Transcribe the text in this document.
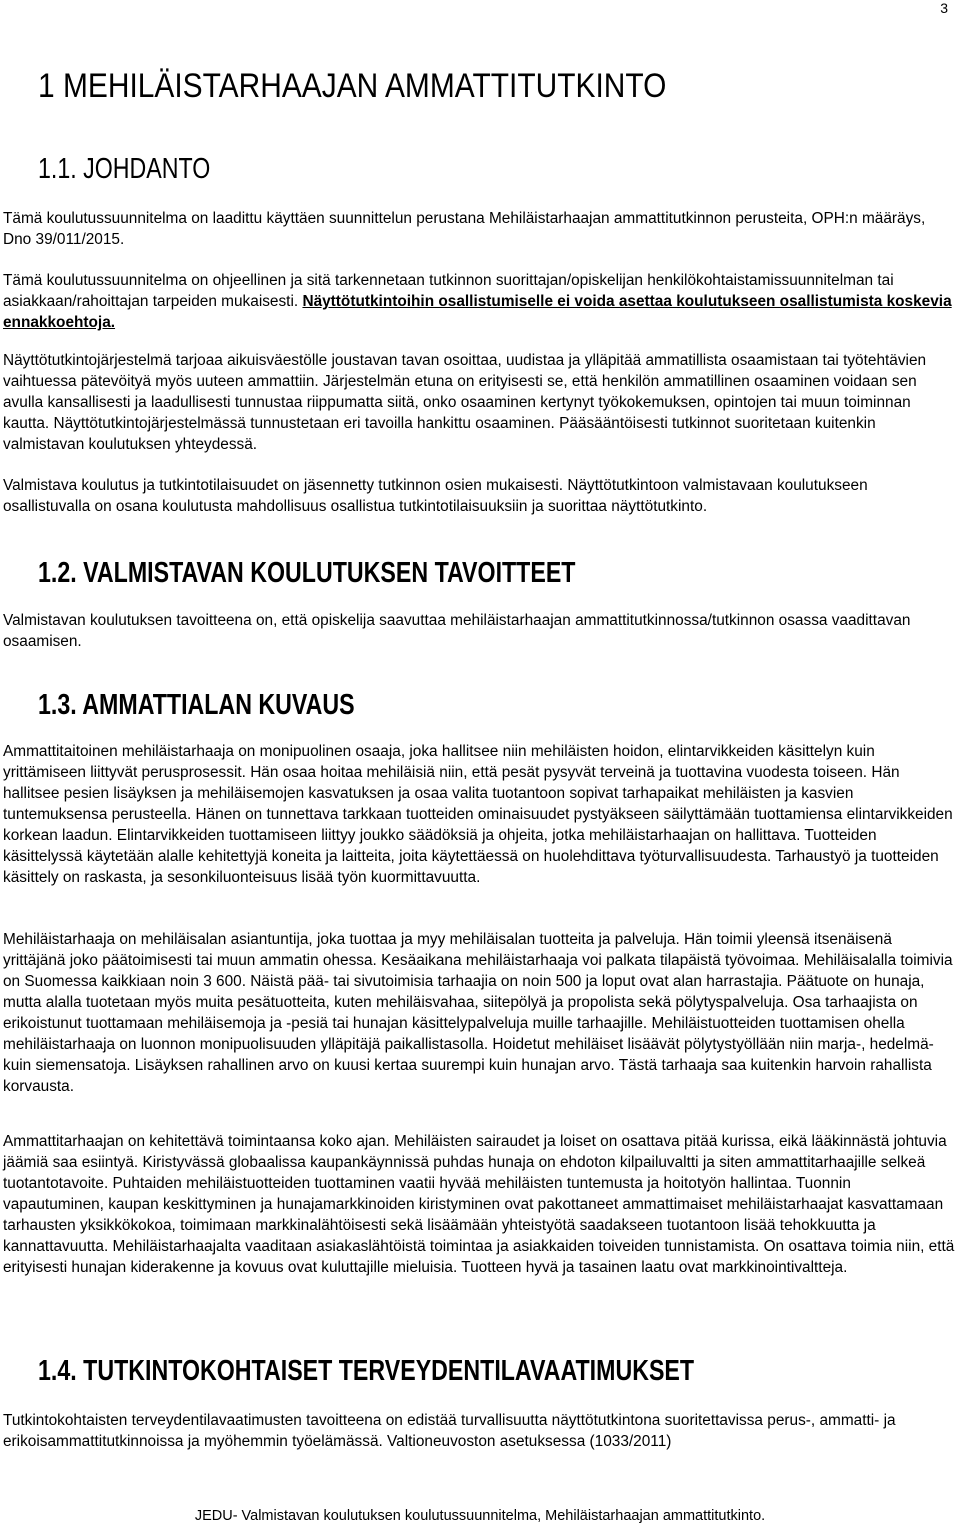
3
1 MEHILÄISTARHAAJAN AMMATTITUTKINTO
1.1. JOHDANTO

Tämä koulutussuunnitelma on laadittu käyttäen suunnittelun perustana Mehiläistarhaajan ammattitutkinnon perusteita, OPH:n määräys, Dno 39/011/2015.

Tämä koulutussuunnitelma on ohjeellinen ja sitä tarkennetaan tutkinnon suorittajan/opiskelijan henkilökohtaistamissuunnitelman tai asiakkaan/rahoittajan tarpeiden mukaisesti. Näyttötutkintoihin osallistumiselle ei voida asettaa koulutukseen osallistumista koskevia ennakkoehtoja.

Näyttötutkintojärjestelmä tarjoaa aikuisväestölle joustavan tavan osoittaa, uudistaa ja ylläpitää ammatillista osaamistaan tai työtehtävien vaihtuessa pätevöityä myös uuteen ammattiin. Järjestelmän etuna on erityisesti se, että henkilön ammatillinen osaaminen voidaan sen avulla kansallisesti ja laadullisesti tunnustaa riippumatta siitä, onko osaaminen kertynyt työkokemuksen, opintojen tai muun toiminnan kautta. Näyttötutkintojärjestelmässä tunnustetaan eri tavoilla hankittu osaaminen. Pääsääntöisesti tutkinnot suoritetaan kuitenkin valmistavan koulutuksen yhteydessä.

Valmistava koulutus ja tutkintotilaisuudet on jäsennetty tutkinnon osien mukaisesti. Näyttötutkintoon valmistavaan koulutukseen osallistuvalla on osana koulutusta mahdollisuus osallistua tutkintotilaisuuksiin ja suorittaa näyttötutkinto.

1.2. VALMISTAVAN KOULUTUKSEN TAVOITTEET

Valmistavan koulutuksen tavoitteena on, että opiskelija saavuttaa mehiläistarhaajan ammattitutkinnossa/tutkinnon osassa vaadittavan osaamisen.

1.3. AMMATTIALAN KUVAUS

Ammattitaitoinen mehiläistarhaaja on monipuolinen osaaja, joka hallitsee niin mehiläisten hoidon, elintarvikkeiden käsittelyn kuin yrittämiseen liittyvät perusprosessit. Hän osaa hoitaa mehiläisiä niin, että pesät pysyvät terveinä ja tuottavina vuodesta toiseen. Hän hallitsee pesien lisäyksen ja mehiläisemojen kasvatuksen ja osaa valita tuotantoon sopivat tarhapaikat mehiläisten ja kasvien tuntemuksensa perusteella. Hänen on tunnettava tarkkaan tuotteiden ominaisuudet pystyäkseen säilyttämään tuottamiensa elintarvikkeiden korkean laadun. Elintarvikkeiden tuottamiseen liittyy joukko säädöksiä ja ohjeita, jotka mehiläistarhaajan on hallittava. Tuotteiden käsittelyssä käytetään alalle kehitettyjä koneita ja laitteita, joita käytettäessä on huolehdittava työturvallisuudesta. Tarhaustyö ja tuotteiden käsittely on raskasta, ja sesonkiluonteisuus lisää työn kuormittavuutta.

Mehiläistarhaaja on mehiläisalan asiantuntija, joka tuottaa ja myy mehiläisalan tuotteita ja palveluja. Hän toimii yleensä itsenäisenä yrittäjänä joko päätoimisesti tai muun ammatin ohessa. Kesäaikana mehiläistarhaaja voi palkata tilapäistä työvoimaa. Mehiläisalalla toimivia on Suomessa kaikkiaan noin 3 600. Näistä pää- tai sivutoimisia tarhaajia on noin 500 ja loput ovat alan harrastajia. Päätuote on hunaja, mutta alalla tuotetaan myös muita pesätuotteita, kuten mehiläisvahaa, siitepölyä ja propolista sekä pölytyspalveluja. Osa tarhaajista on erikoistunut tuottamaan mehiläisemoja ja -pesiä tai hunajan käsittelypalveluja muille tarhaajille. Mehiläistuotteiden tuottamisen ohella mehiläistarhaaja on luonnon monipuolisuuden ylläpitäjä paikallistasolla. Hoidetut mehiläiset lisäävät pölytystyöllään niin marja-, hedelmä- kuin siemensatoja. Lisäyksen rahallinen arvo on kuusi kertaa suurempi kuin hunajan arvo. Tästä tarhaaja saa kuitenkin harvoin rahallista korvausta.

Ammattitarhaajan on kehitettävä toimintaansa koko ajan. Mehiläisten sairaudet ja loiset on osattava pitää kurissa, eikä lääkinnästä johtuvia jäämiä saa esiintyä. Kiristyvässä globaalissa kaupankäynnissä puhdas hunaja on ehdoton kilpailuvaltti ja siten ammattitarhaajille selkeä tuotantotavoite. Puhtaiden mehiläistuotteiden tuottaminen vaatii hyvää mehiläisten tuntemusta ja hoitotyön hallintaa. Tuonnin vapautuminen, kaupan keskittyminen ja hunajamarkkinoiden kiristyminen ovat pakottaneet ammattimaiset mehiläistarhaajat kasvattamaan tarhausten yksikkökokoa, toimimaan markkinalähtöisesti sekä lisäämään yhteistyötä saadakseen tuotantoon lisää tehokkuutta ja kannattavuutta. Mehiläistarhaajalta vaaditaan asiakaslähtöistä toimintaa ja asiakkaiden toiveiden tunnistamista. On osattava toimia niin, että erityisesti hunajan kiderakenne ja kovuus ovat kuluttajille mieluisia. Tuotteen hyvä ja tasainen laatu ovat markkinointivaltteja.

1.4. TUTKINTOKOHTAISET TERVEYDENTILAVAATIMUKSET

Tutkintokohtaisten terveydentilavaatimusten tavoitteena on edistää turvallisuutta näyttötutkintona suoritettavissa perus-, ammatti- ja erikoisammattitutkinnoissa ja myöhemmin työelämässä. Valtioneuvoston asetuksessa (1033/2011)

JEDU- Valmistavan koulutuksen koulutussuunnitelma, Mehiläistarhaajan ammattitutkinto.
